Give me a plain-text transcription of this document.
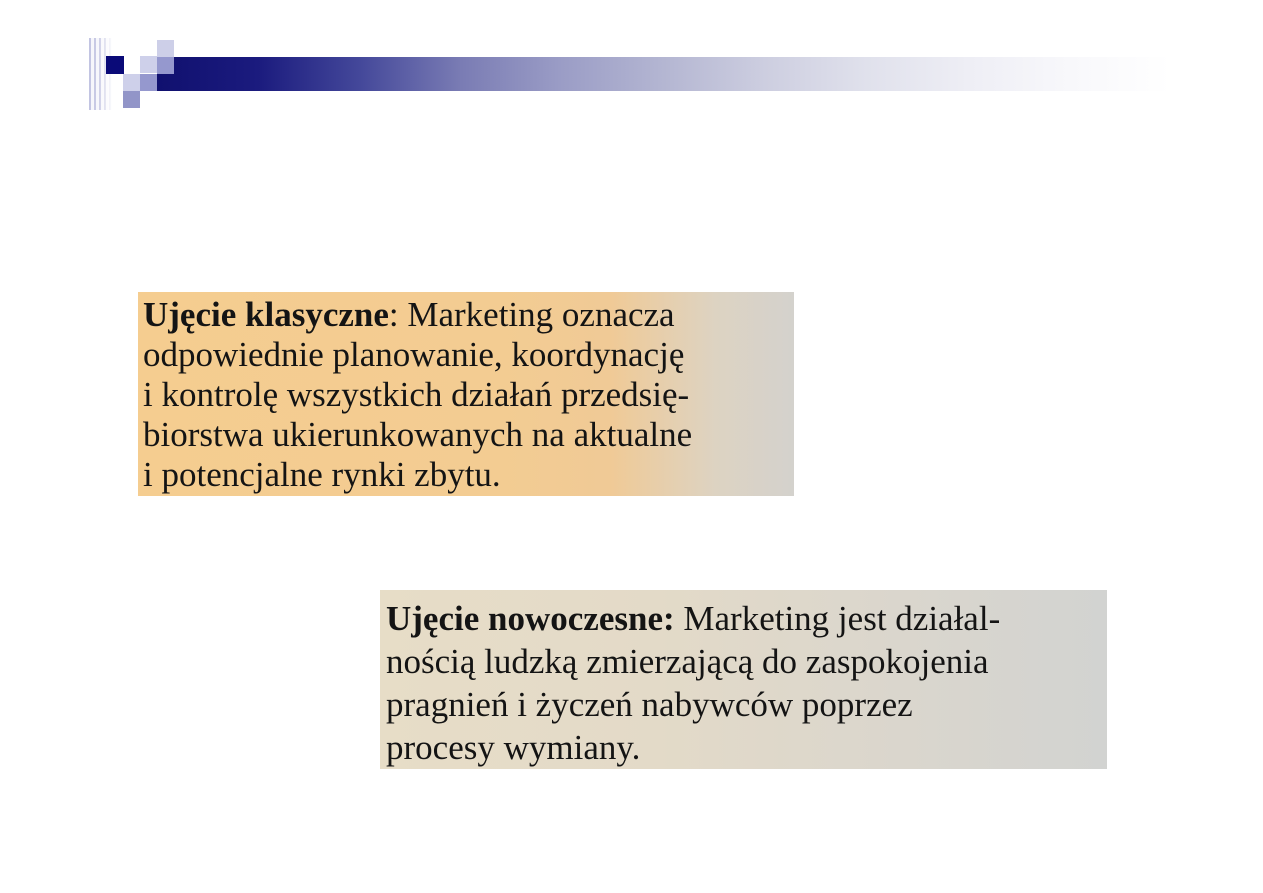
Ujęcie klasyczne: Marketing oznacza
odpowiednie planowanie, koordynację
i kontrolę wszystkich działań przedsię-
biorstwa ukierunkowanych na aktualne
i potencjalne rynki zbytu.
Ujęcie nowoczesne: Marketing jest działal-
nością ludzką zmierzającą do zaspokojenia
pragnień i życzeń nabywców poprzez
procesy wymiany.
